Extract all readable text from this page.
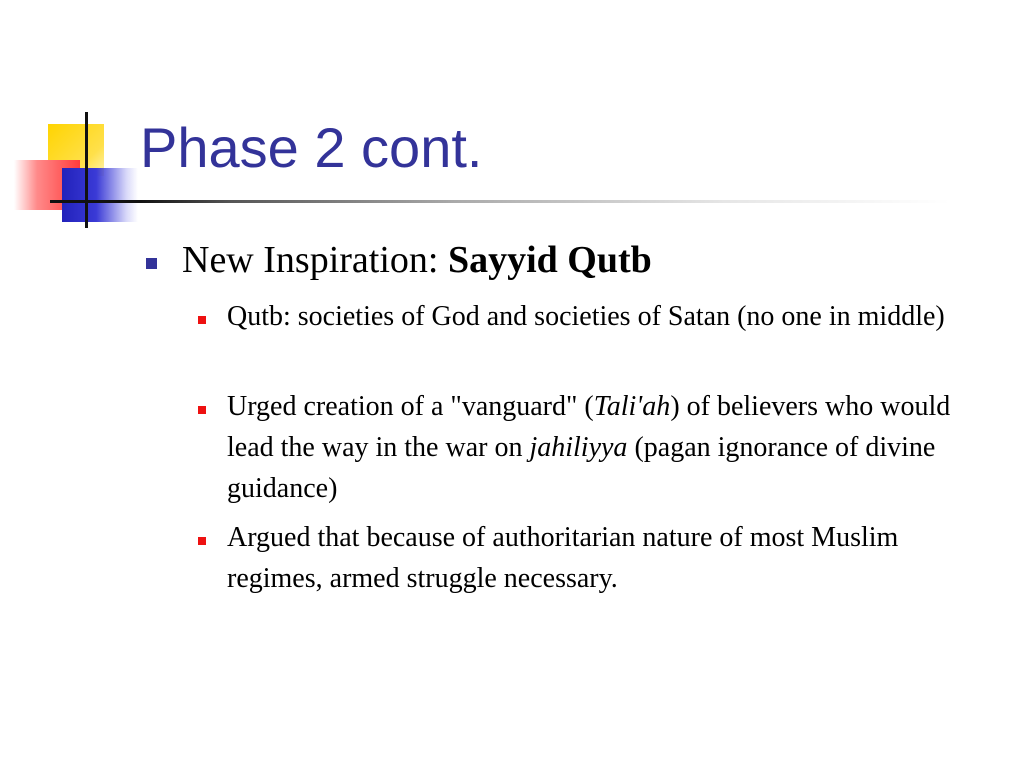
Phase 2 cont.
New Inspiration: Sayyid Qutb
Qutb: societies of God and societies of Satan (no one in middle)
Urged creation of a "vanguard" (Tali'ah) of believers who would lead the way in the war on jahiliyya (pagan ignorance of divine guidance)
Argued that because of authoritarian nature of most Muslim regimes, armed struggle necessary.
